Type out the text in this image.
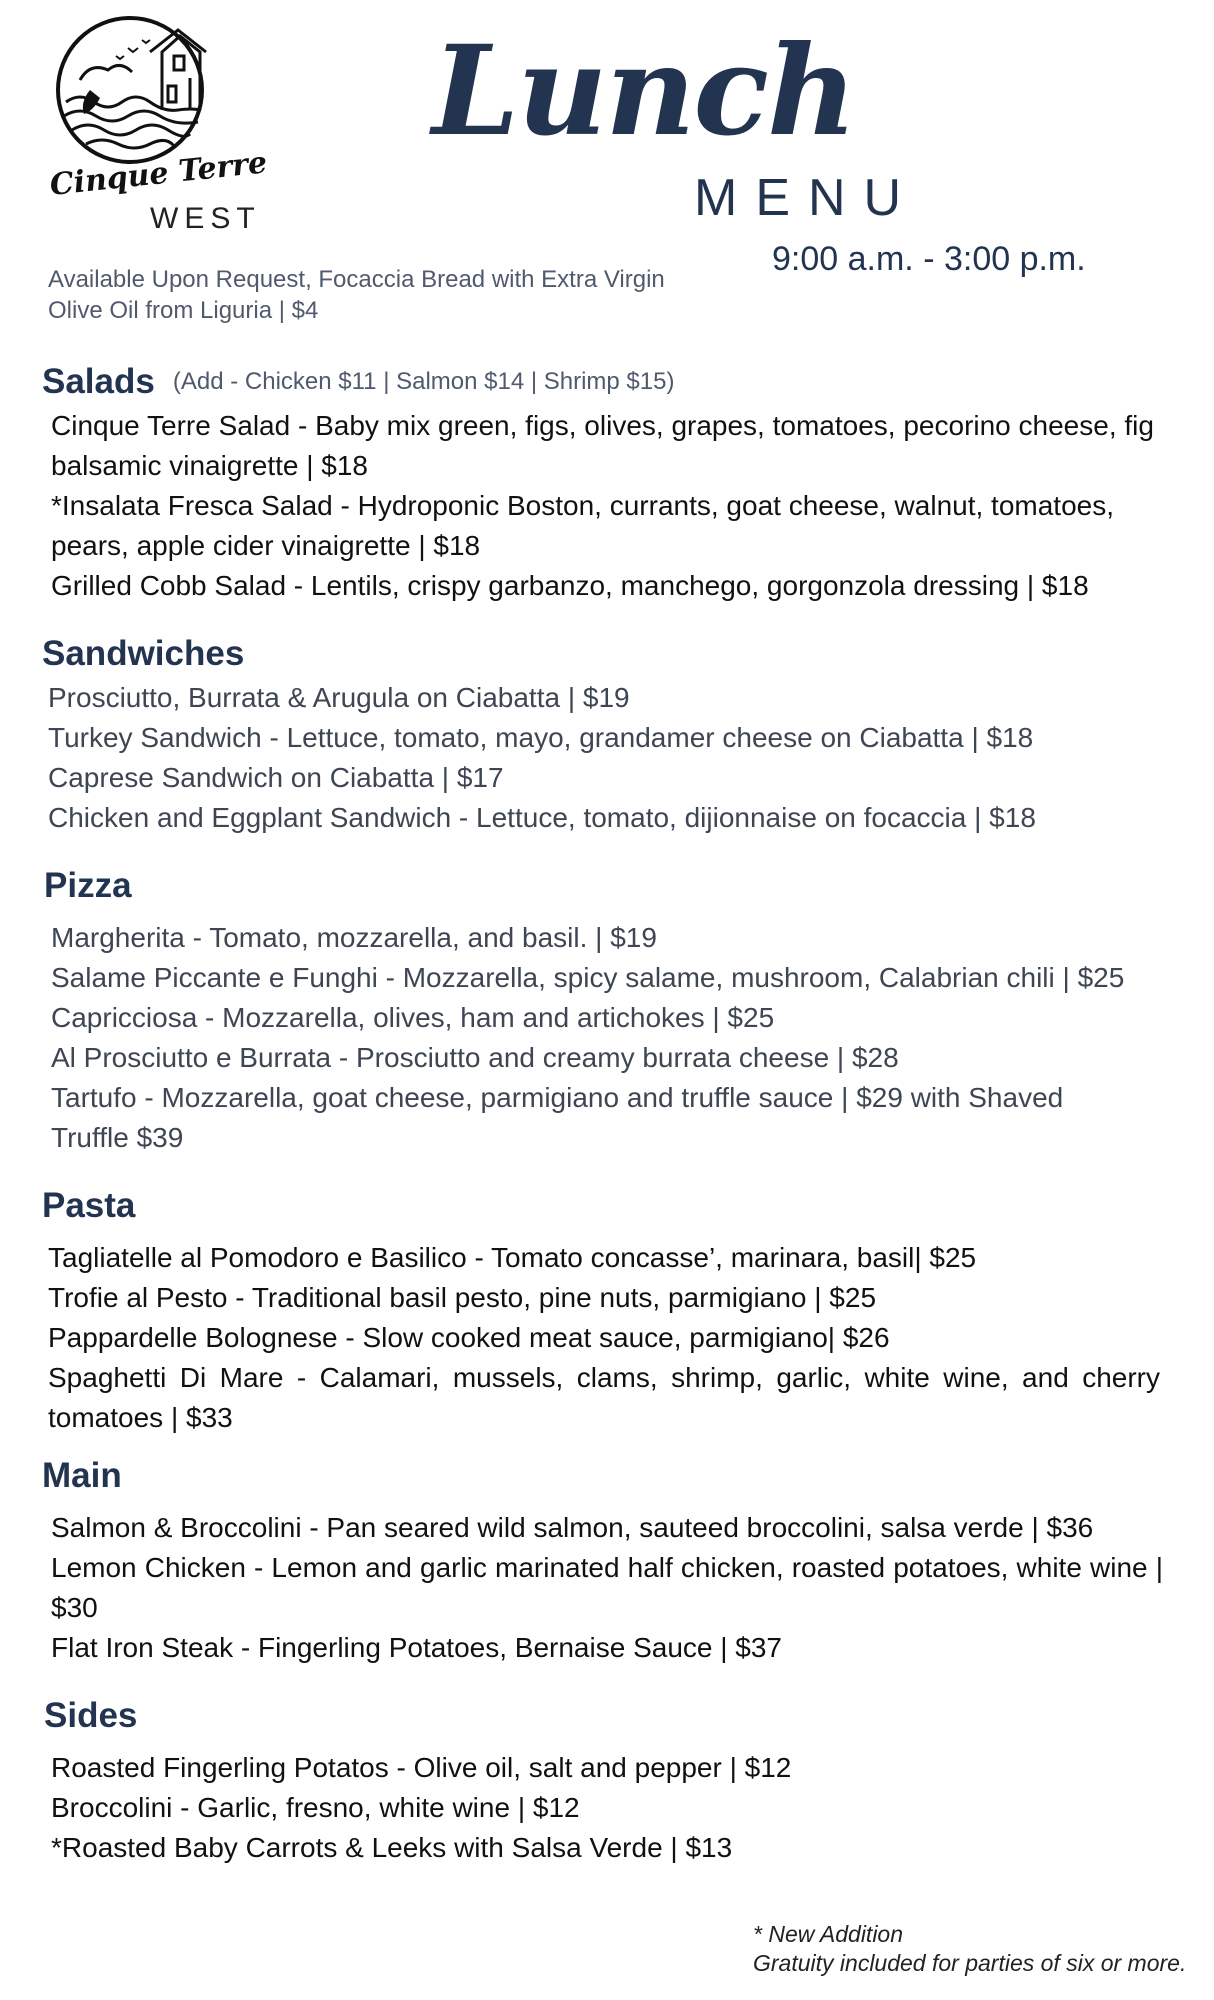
Cinque Terre
WEST
Lunch
MENU
9:00 a.m. - 3:00 p.m.
Available Upon Request, Focaccia Bread with Extra Virgin Olive Oil from Liguria | $4
Salads (Add - Chicken $11 | Salmon $14 | Shrimp $15)
Cinque Terre Salad - Baby mix green, figs, olives, grapes, tomatoes, pecorino cheese, fig balsamic vinaigrette | $18
*Insalata Fresca Salad - Hydroponic Boston, currants, goat cheese, walnut, tomatoes, pears, apple cider vinaigrette | $18
Grilled Cobb Salad - Lentils, crispy garbanzo, manchego, gorgonzola dressing | $18
Sandwiches
Prosciutto, Burrata & Arugula on Ciabatta | $19
Turkey Sandwich - Lettuce, tomato, mayo, grandamer cheese on Ciabatta | $18
Caprese Sandwich on Ciabatta | $17
Chicken and Eggplant Sandwich - Lettuce, tomato, dijionnaise on focaccia | $18
Pizza
Margherita - Tomato, mozzarella, and basil. | $19
Salame Piccante e Funghi - Mozzarella, spicy salame, mushroom, Calabrian chili | $25
Capricciosa - Mozzarella, olives, ham and artichokes | $25
Al Prosciutto e Burrata - Prosciutto and creamy burrata cheese | $28
Tartufo - Mozzarella, goat cheese, parmigiano and truffle sauce | $29 with Shaved Truffle $39
Pasta
Tagliatelle al Pomodoro e Basilico - Tomato concasse’, marinara, basil| $25
Trofie al Pesto - Traditional basil pesto, pine nuts, parmigiano | $25
Pappardelle Bolognese - Slow cooked meat sauce, parmigiano| $26
Spaghetti Di Mare - Calamari, mussels, clams, shrimp, garlic, white wine, and cherry tomatoes | $33
Main
Salmon & Broccolini - Pan seared wild salmon, sauteed broccolini, salsa verde | $36
Lemon Chicken - Lemon and garlic marinated half chicken, roasted potatoes, white wine | $30
Flat Iron Steak - Fingerling Potatoes, Bernaise Sauce | $37
Sides
Roasted Fingerling Potatos - Olive oil, salt and pepper | $12
Broccolini - Garlic, fresno, white wine | $12
*Roasted Baby Carrots & Leeks with Salsa Verde | $13
* New Addition
Gratuity included for parties of six or more.
